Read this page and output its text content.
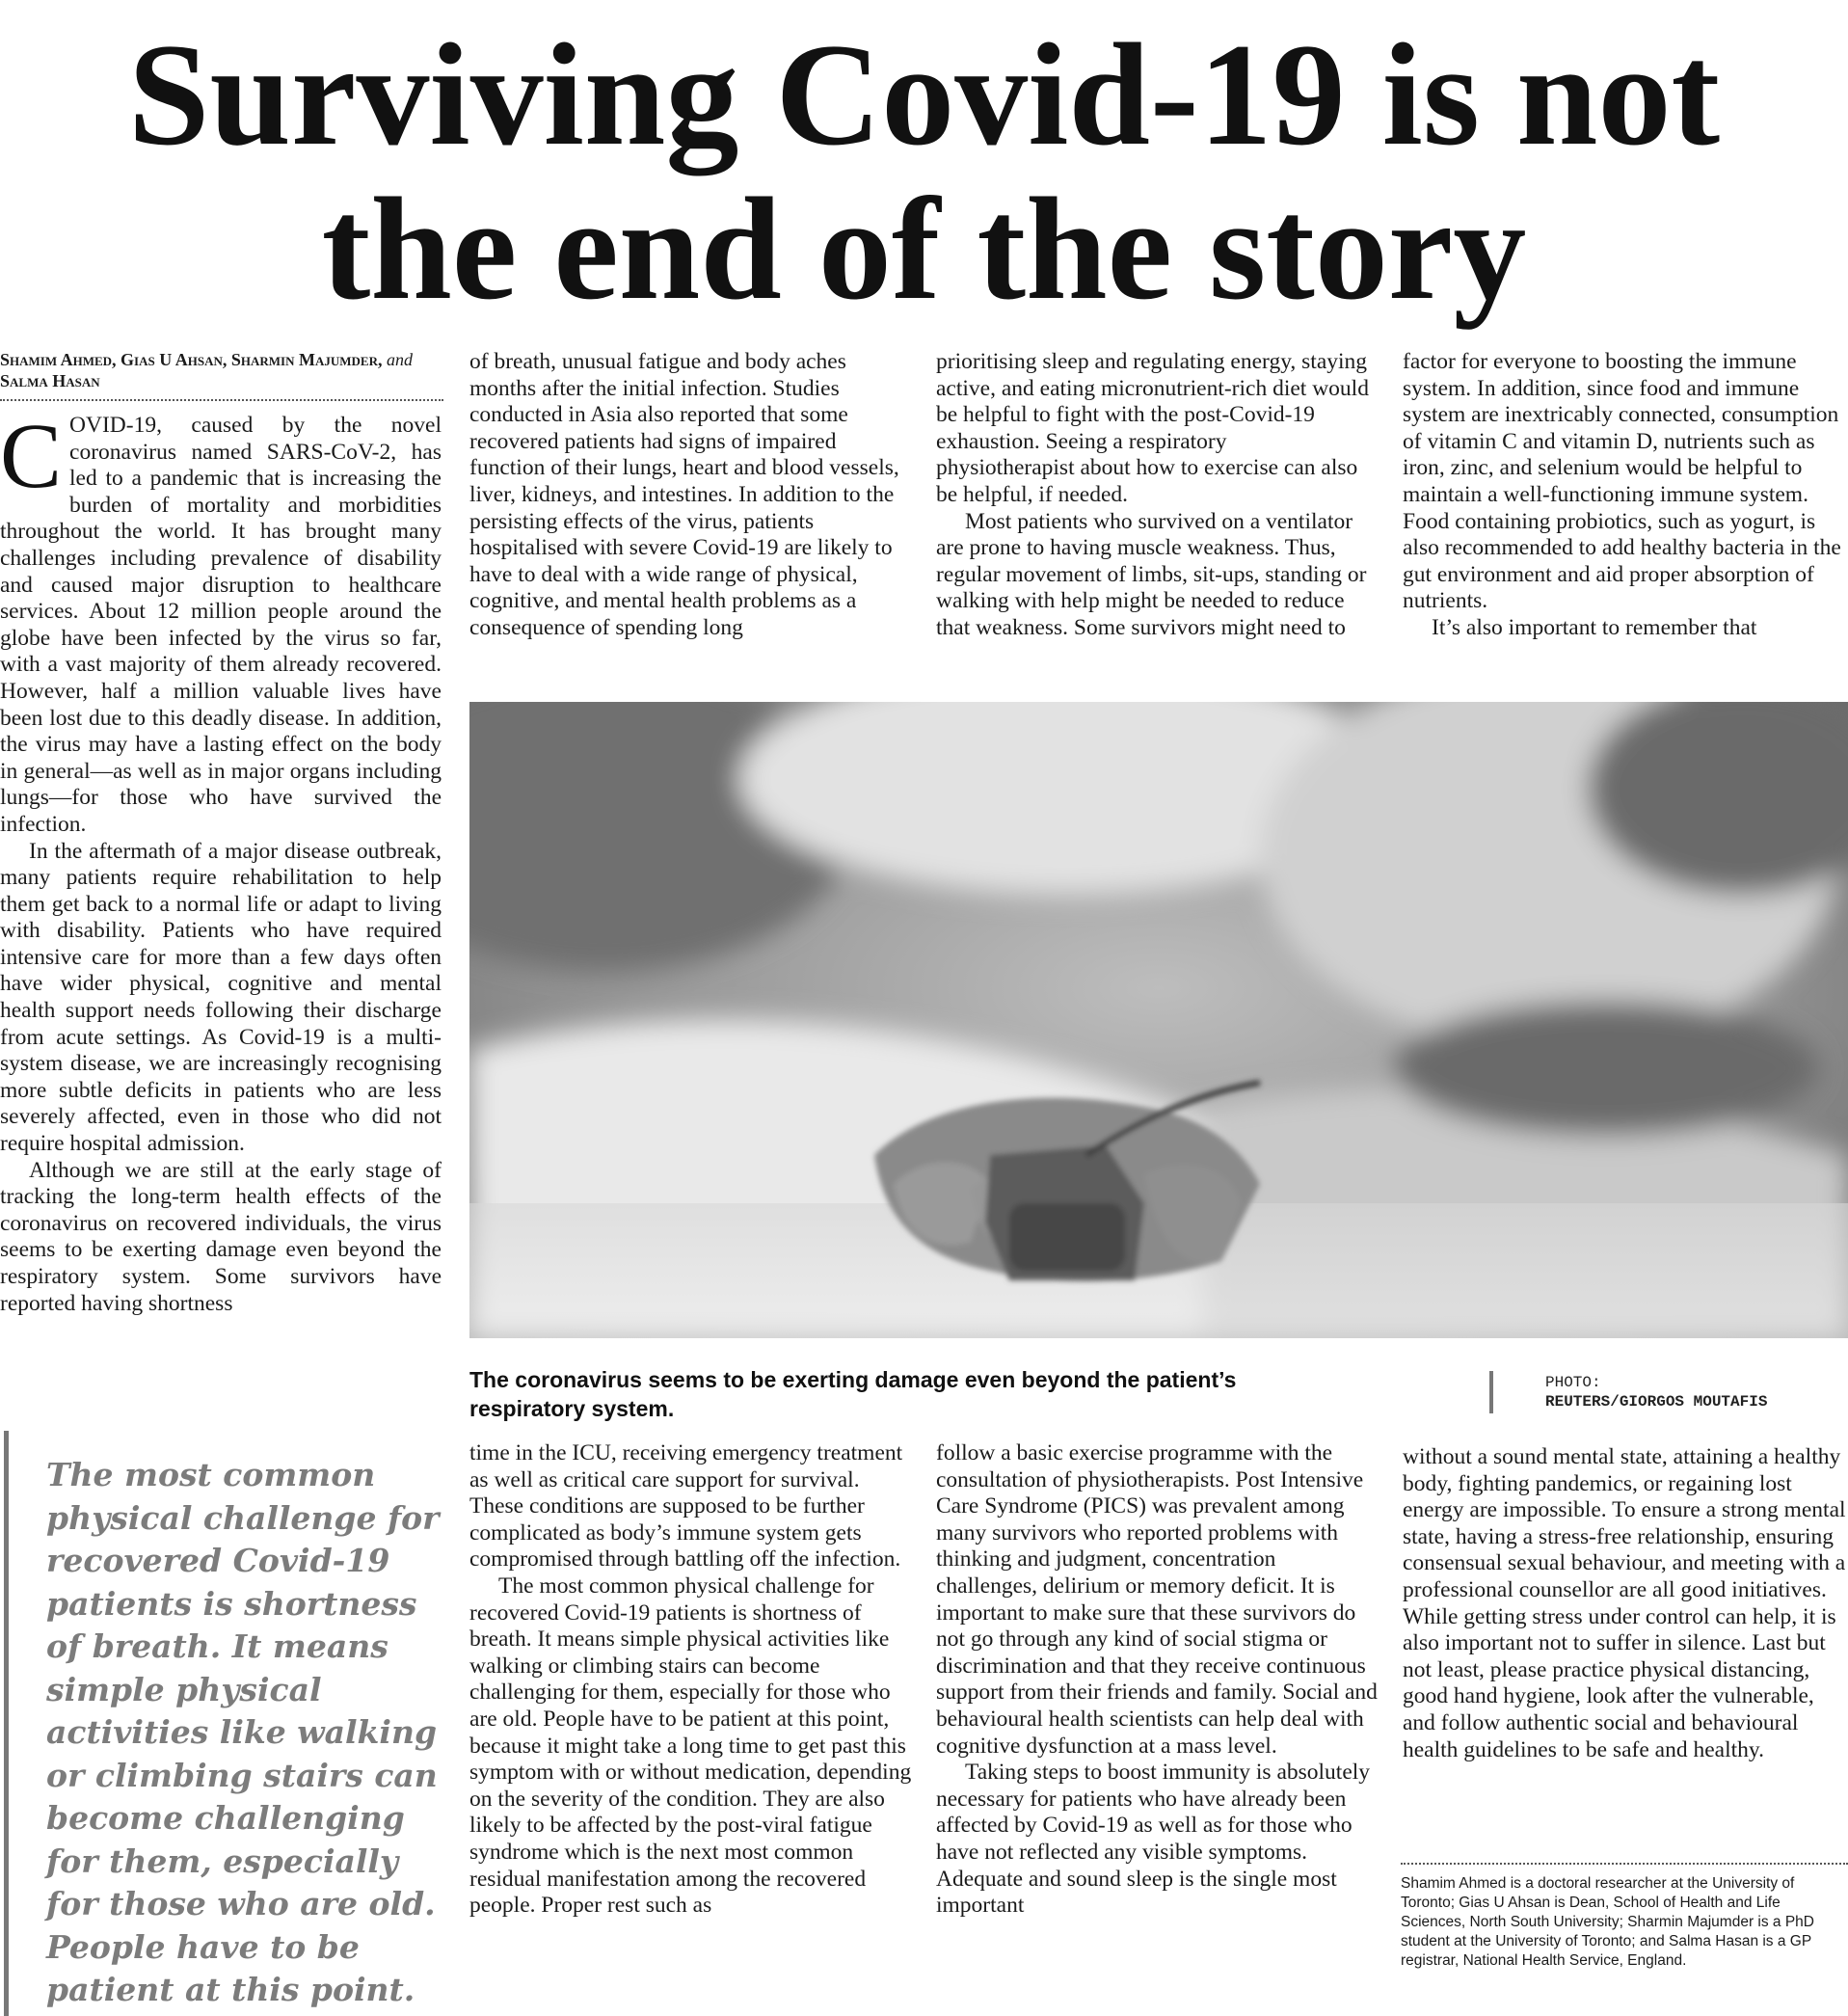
Surviving Covid-19 is not
the end of the story
Shamim Ahmed, Gias U Ahsan, Sharmin Majumder, and Salma Hasan

COVID-19, caused by the novel coronavirus named SARS-CoV-2, has led to a pandemic that is increasing the burden of mortality and morbidities throughout the world. It has brought many challenges including prevalence of disability and caused major disruption to healthcare services. About 12 million people around the globe have been infected by the virus so far, with a vast majority of them already recovered. However, half a million valuable lives have been lost due to this deadly disease. In addition, the virus may have a lasting effect on the body in general—as well as in major organs including lungs—for those who have survived the infection.

In the aftermath of a major disease outbreak, many patients require rehabilitation to help them get back to a normal life or adapt to living with disability. Patients who have required intensive care for more than a few days often have wider physical, cognitive and mental health support needs following their discharge from acute settings. As Covid-19 is a multi-system disease, we are increasingly recognising more subtle deficits in patients who are less severely affected, even in those who did not require hospital admission.

Although we are still at the early stage of tracking the long-term health effects of the coronavirus on recovered individuals, the virus seems to be exerting damage even beyond the respiratory system. Some survivors have reported having shortness

of breath, unusual fatigue and body aches months after the initial infection. Studies conducted in Asia also reported that some recovered patients had signs of impaired function of their lungs, heart and blood vessels, liver, kidneys, and intestines. In addition to the persisting effects of the virus, patients hospitalised with severe Covid-19 are likely to have to deal with a wide range of physical, cognitive, and mental health problems as a consequence of spending long

prioritising sleep and regulating energy, staying active, and eating micronutrient-rich diet would be helpful to fight with the post-Covid-19 exhaustion. Seeing a respiratory physiotherapist about how to exercise can also be helpful, if needed.

Most patients who survived on a ventilator are prone to having muscle weakness. Thus, regular movement of limbs, sit-ups, standing or walking with help might be needed to reduce that weakness. Some survivors might need to

factor for everyone to boosting the immune system. In addition, since food and immune system are inextricably connected, consumption of vitamin C and vitamin D, nutrients such as iron, zinc, and selenium would be helpful to maintain a well-functioning immune system. Food containing probiotics, such as yogurt, is also recommended to add healthy bacteria in the gut environment and aid proper absorption of nutrients.

It’s also important to remember that

The coronavirus seems to be exerting damage even beyond the patient’s respiratory system.
PHOTO:
REUTERS/GIORGOS MOUTAFIS
The most common physical challenge for recovered Covid-19 patients is shortness of breath. It means simple physical activities like walking or climbing stairs can become challenging for them, especially for those who are old. People have to be patient at this point.

time in the ICU, receiving emergency treatment as well as critical care support for survival. These conditions are supposed to be further complicated as body’s immune system gets compromised through battling off the infection.

The most common physical challenge for recovered Covid-19 patients is shortness of breath. It means simple physical activities like walking or climbing stairs can become challenging for them, especially for those who are old. People have to be patient at this point, because it might take a long time to get past this symptom with or without medication, depending on the severity of the condition. They are also likely to be affected by the post-viral fatigue syndrome which is the next most common residual manifestation among the recovered people. Proper rest such as

follow a basic exercise programme with the consultation of physiotherapists. Post Intensive Care Syndrome (PICS) was prevalent among many survivors who reported problems with thinking and judgment, concentration challenges, delirium or memory deficit. It is important to make sure that these survivors do not go through any kind of social stigma or discrimination and that they receive continuous support from their friends and family. Social and behavioural health scientists can help deal with cognitive dysfunction at a mass level.

Taking steps to boost immunity is absolutely necessary for patients who have already been affected by Covid-19 as well as for those who have not reflected any visible symptoms. Adequate and sound sleep is the single most important

without a sound mental state, attaining a healthy body, fighting pandemics, or regaining lost energy are impossible. To ensure a strong mental state, having a stress-free relationship, ensuring consensual sexual behaviour, and meeting with a professional counsellor are all good initiatives. While getting stress under control can help, it is also important not to suffer in silence. Last but not least, please practice physical distancing, good hand hygiene, look after the vulnerable, and follow authentic social and behavioural health guidelines to be safe and healthy.

Shamim Ahmed is a doctoral researcher at the University of Toronto; Gias U Ahsan is Dean, School of Health and Life Sciences, North South University; Sharmin Majumder is a PhD student at the University of Toronto; and Salma Hasan is a GP registrar, National Health Service, England.
